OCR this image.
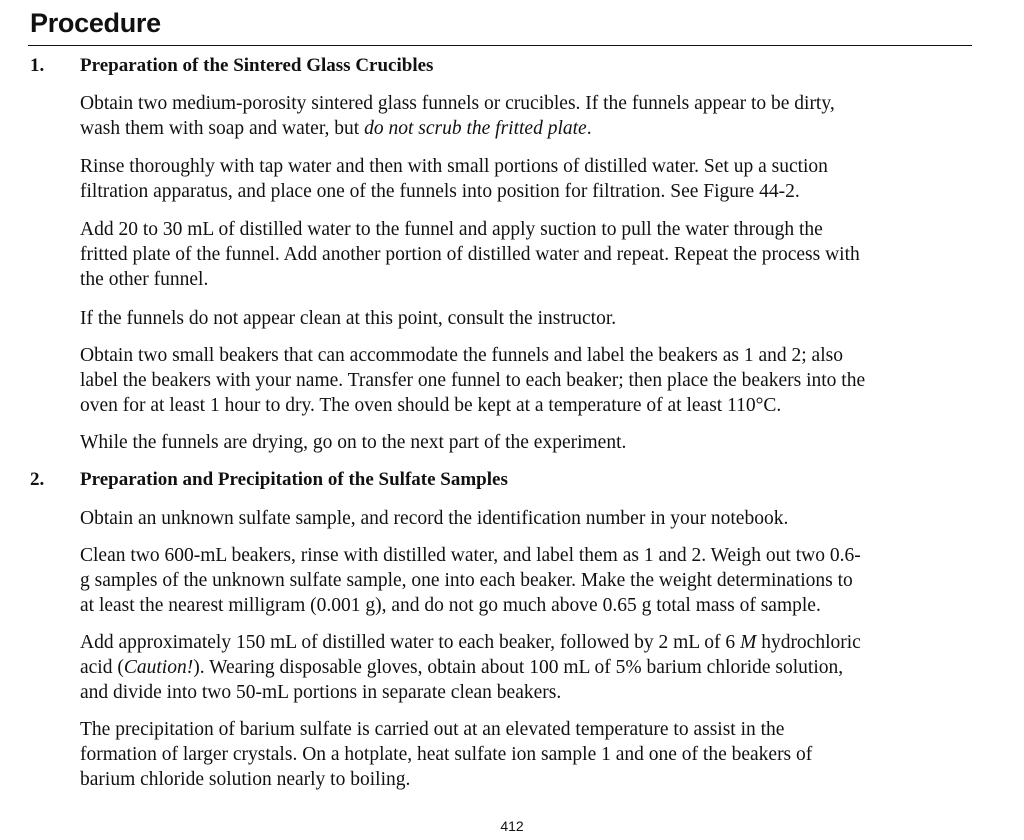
Procedure
1. Preparation of the Sintered Glass Crucibles
Obtain two medium-porosity sintered glass funnels or crucibles. If the funnels appear to be dirty,
wash them with soap and water, but do not scrub the fritted plate.
Rinse thoroughly with tap water and then with small portions of distilled water. Set up a suction
filtration apparatus, and place one of the funnels into position for filtration. See Figure 44-2.
Add 20 to 30 mL of distilled water to the funnel and apply suction to pull the water through the
fritted plate of the funnel. Add another portion of distilled water and repeat. Repeat the process with
the other funnel.
If the funnels do not appear clean at this point, consult the instructor.
Obtain two small beakers that can accommodate the funnels and label the beakers as 1 and 2; also
label the beakers with your name. Transfer one funnel to each beaker; then place the beakers into the
oven for at least 1 hour to dry. The oven should be kept at a temperature of at least 110°C.
While the funnels are drying, go on to the next part of the experiment.
2. Preparation and Precipitation of the Sulfate Samples
Obtain an unknown sulfate sample, and record the identification number in your notebook.
Clean two 600-mL beakers, rinse with distilled water, and label them as 1 and 2. Weigh out two 0.6-
g samples of the unknown sulfate sample, one into each beaker. Make the weight determinations to
at least the nearest milligram (0.001 g), and do not go much above 0.65 g total mass of sample.
Add approximately 150 mL of distilled water to each beaker, followed by 2 mL of 6 M hydrochloric
acid (Caution!). Wearing disposable gloves, obtain about 100 mL of 5% barium chloride solution,
and divide into two 50-mL portions in separate clean beakers.
The precipitation of barium sulfate is carried out at an elevated temperature to assist in the
formation of larger crystals. On a hotplate, heat sulfate ion sample 1 and one of the beakers of
barium chloride solution nearly to boiling.
412
